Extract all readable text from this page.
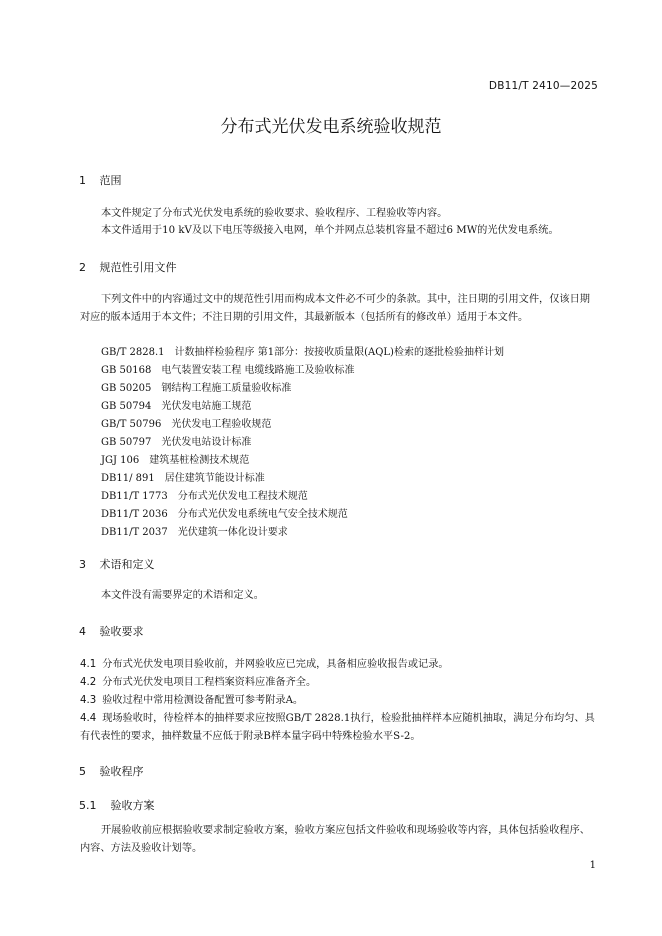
DB11/T 2410—2025
分布式光伏发电系统验收规范
1 范围
本文件规定了分布式光伏发电系统的验收要求、验收程序、工程验收等内容。
本文件适用于10 kV及以下电压等级接入电网，单个并网点总装机容量不超过6 MW的光伏发电系统。
2 规范性引用文件
下列文件中的内容通过文中的规范性引用而构成本文件必不可少的条款。其中，注日期的引用文件，仅该日期对应的版本适用于本文件；不注日期的引用文件，其最新版本（包括所有的修改单）适用于本文件。
GB/T 2828.1　计数抽样检验程序 第1部分：按接收质量限(AQL)检索的逐批检验抽样计划
GB 50168　电气装置安装工程 电缆线路施工及验收标准
GB 50205　钢结构工程施工质量验收标准
GB 50794　光伏发电站施工规范
GB/T 50796　光伏发电工程验收规范
GB 50797　光伏发电站设计标准
JGJ 106　建筑基桩检测技术规范
DB11/ 891　居住建筑节能设计标准
DB11/T 1773　分布式光伏发电工程技术规范
DB11/T 2036　分布式光伏发电系统电气安全技术规范
DB11/T 2037　光伏建筑一体化设计要求
3 术语和定义
本文件没有需要界定的术语和定义。
4 验收要求
4.1 分布式光伏发电项目验收前，并网验收应已完成，具备相应验收报告或记录。
4.2 分布式光伏发电项目工程档案资料应准备齐全。
4.3 验收过程中常用检测设备配置可参考附录A。
4.4 现场验收时，待检样本的抽样要求应按照GB/T 2828.1执行，检验批抽样样本应随机抽取，满足分布均匀、具有代表性的要求，抽样数量不应低于附录B样本量字码中特殊检验水平S-2。
5 验收程序
5.1 验收方案
开展验收前应根据验收要求制定验收方案，验收方案应包括文件验收和现场验收等内容，具体包括验收程序、内容、方法及验收计划等。
1
